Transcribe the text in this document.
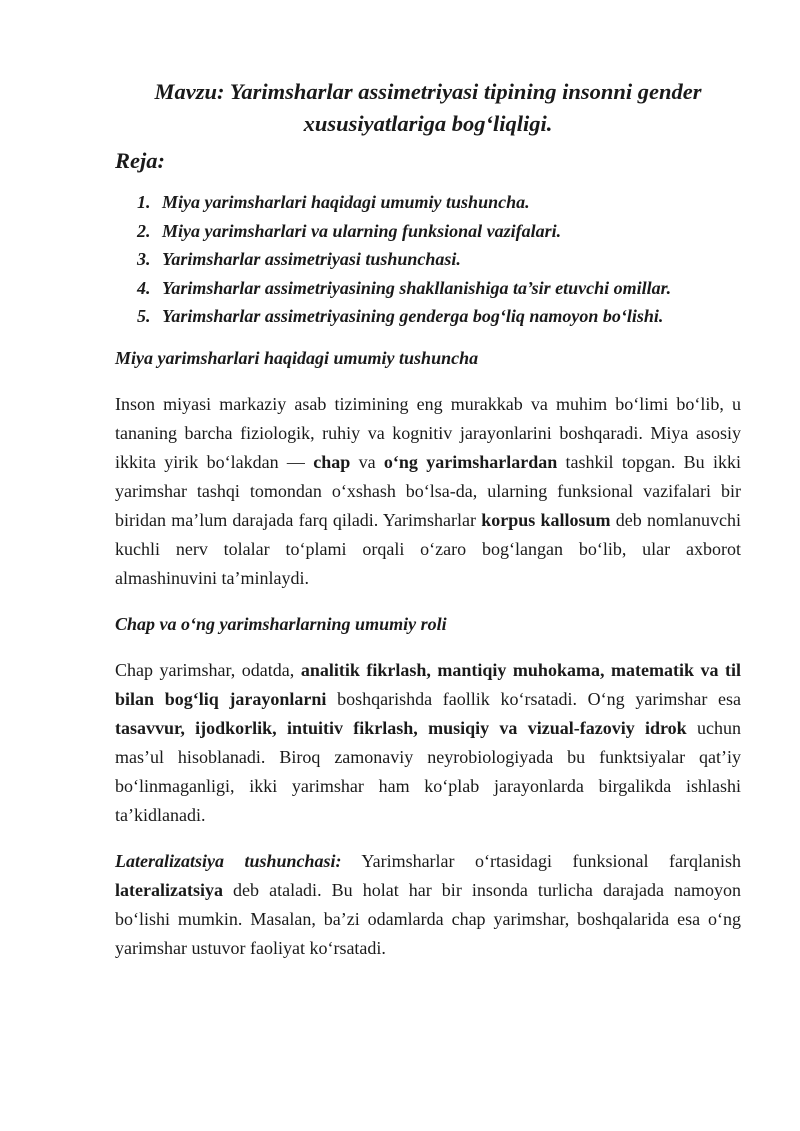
Mavzu: Yarimsharlar assimetriyasi tipining insonni gender
xususiyatlariga bog‘liqligi.
Reja:
1. Miya yarimsharlari haqidagi umumiy tushuncha.
2. Miya yarimsharlari va ularning funksional vazifalari.
3. Yarimsharlar assimetriyasi tushunchasi.
4. Yarimsharlar assimetriyasining shakllanishiga ta’sir etuvchi omillar.
5. Yarimsharlar assimetriyasining genderga bog‘liq namoyon bo‘lishi.
Miya yarimsharlari haqidagi umumiy tushuncha

Inson miyasi markaziy asab tizimining eng murakkab va muhim bo‘limi bo‘lib, u tananing barcha fiziologik, ruhiy va kognitiv jarayonlarini boshqaradi. Miya asosiy ikkita yirik bo‘lakdan — chap va o‘ng yarimsharlardan tashkil topgan. Bu ikki yarimshar tashqi tomondan o‘xshash bo‘lsa-da, ularning funksional vazifalari bir biridan ma’lum darajada farq qiladi. Yarimsharlar korpus kallosum deb nomlanuvchi kuchli nerv tolalar to‘plami orqali o‘zaro bog‘langan bo‘lib, ular axborot almashinuvini ta’minlaydi.

Chap va o‘ng yarimsharlarning umumiy roli

Chap yarimshar, odatda, analitik fikrlash, mantiqiy muhokama, matematik va til bilan bog‘liq jarayonlarni boshqarishda faollik ko‘rsatadi. O‘ng yarimshar esa tasavvur, ijodkorlik, intuitiv fikrlash, musiqiy va vizual-fazoviy idrok uchun mas’ul hisoblanadi. Biroq zamonaviy neyrobiologiyada bu funktsiyalar qat’iy bo‘linmaganligi, ikki yarimshar ham ko‘plab jarayonlarda birgalikda ishlashi ta’kidlanadi.

Lateralizatsiya tushunchasi: Yarimsharlar o‘rtasidagi funksional farqlanish lateralizatsiya deb ataladi. Bu holat har bir insonda turlicha darajada namoyon bo‘lishi mumkin. Masalan, ba’zi odamlarda chap yarimshar, boshqalarida esa o‘ng yarimshar ustuvor faoliyat ko‘rsatadi.
